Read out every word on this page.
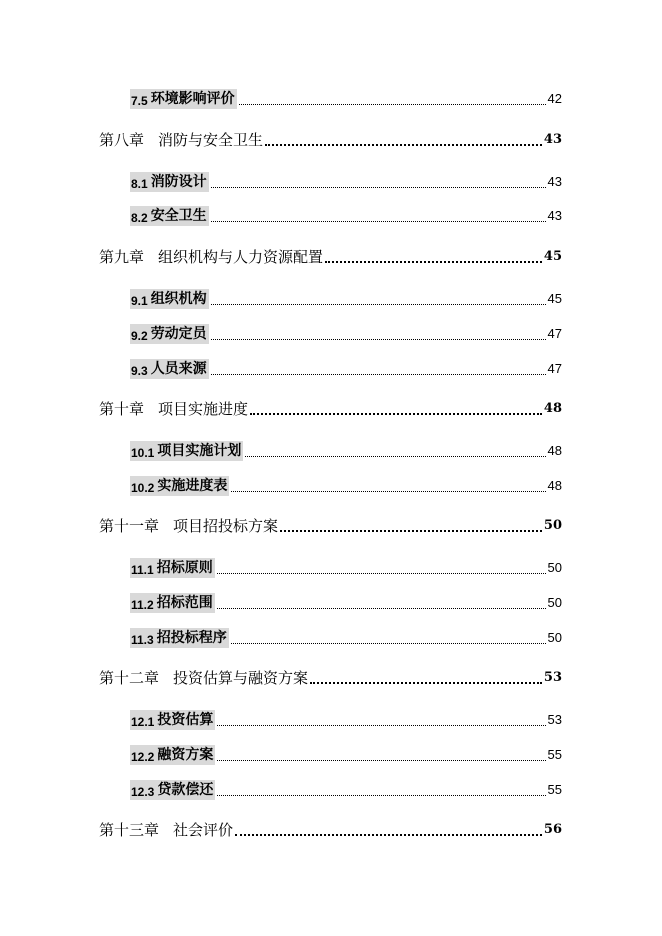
7.5 环境影响评价	42
第八章 消防与安全卫生	43
8.1 消防设计	43
8.2 安全卫生	43
第九章 组织机构与人力资源配置	45
9.1 组织机构	45
9.2 劳动定员	47
9.3 人员来源	47
第十章 项目实施进度	48
10.1 项目实施计划	48
10.2 实施进度表	48
第十一章 项目招投标方案	50
11.1 招标原则	50
11.2 招标范围	50
11.3 招投标程序	50
第十二章 投资估算与融资方案	53
12.1 投资估算	53
12.2 融资方案	55
12.3 贷款偿还	55
第十三章 社会评价	56
